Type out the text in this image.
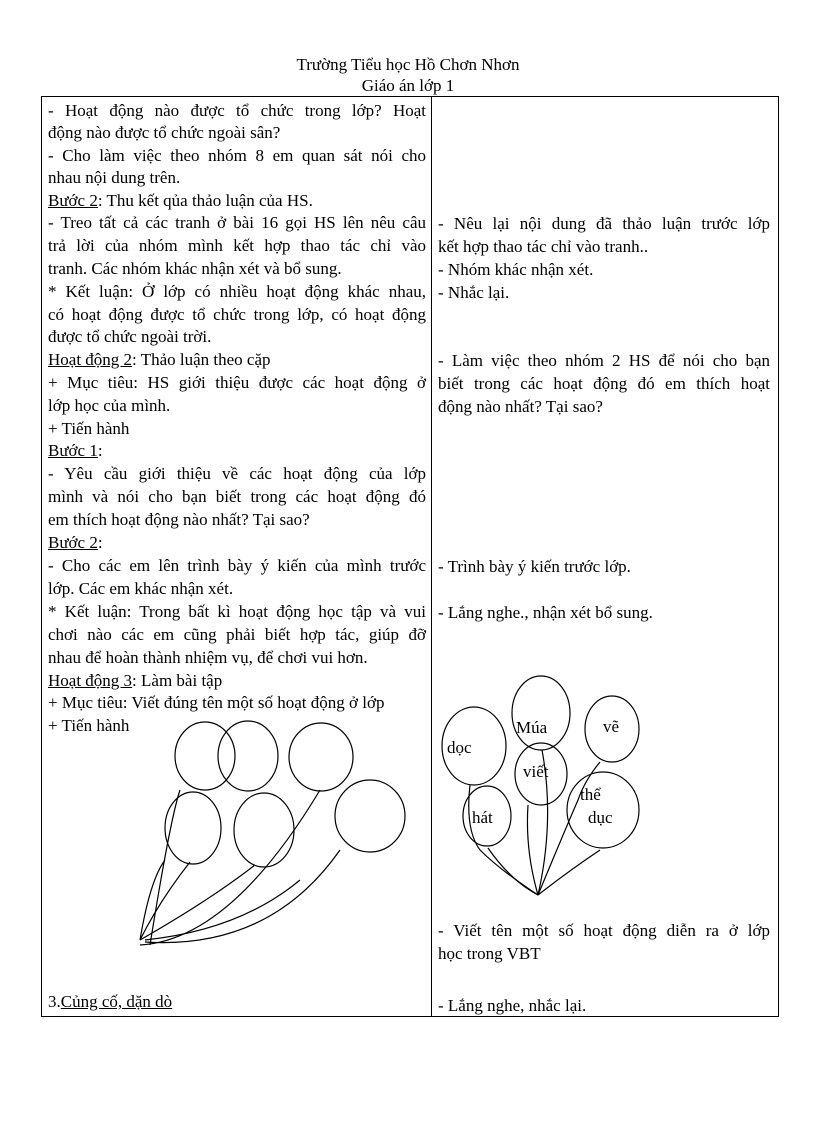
Trường Tiểu học Hồ Chơn Nhơn
Giáo án lớp 1
- Hoạt động nào được tổ chức trong lớp? Hoạt
động nào được tổ chức ngoài sân?
- Cho làm việc theo nhóm 8 em quan sát nói cho
nhau nội dung trên.
Bước 2: Thu kết qủa thảo luận của HS.
- Treo tất cả các tranh ở bài 16 gọi HS lên nêu câu
trả lời của nhóm mình kết hợp thao tác chỉ vào
tranh. Các nhóm khác nhận xét và bổ sung.
* Kết luận: Ở lớp có nhiều hoạt động khác nhau,
có hoạt động được tổ chức trong lớp, có hoạt động
được tổ chức ngoài trời.
Hoạt động 2: Thảo luận theo cặp
+ Mục tiêu: HS giới thiệu được các hoạt động ở
lớp học của mình.
+ Tiến hành
Bước 1:
- Yêu cầu giới thiệu về các hoạt động của lớp
mình và nói cho bạn biết trong các hoạt động đó
em thích hoạt động nào nhất? Tại sao?
Bước 2:
- Cho các em lên trình bày ý kiến của mình trước
lớp. Các em khác nhận xét.
* Kết luận: Trong bất kì hoạt động học tập và vui
chơi nào các em cũng phải biết hợp tác, giúp đỡ
nhau để hoàn thành nhiệm vụ, để chơi vui hơn.
Hoạt động 3: Làm bài tập
+ Mục tiêu: Viết đúng tên một số hoạt động ở lớp
+ Tiến hành
3.Củng cố, dặn dò
- Nêu lại nội dung đã thảo luận trước lớp
kết hợp thao tác chỉ vào tranh..
- Nhóm khác nhận xét.
- Nhắc lại.
- Làm việc theo nhóm 2 HS để nói cho bạn
biết trong các hoạt động đó em thích hoạt
động nào nhất? Tại sao?
- Trình bày ý kiến trước lớp.
- Lắng nghe., nhận xét bổ sung.
- Viết tên một số hoạt động diễn ra ở lớp
học trong VBT
- Lắng nghe, nhắc lại.
dọc
Múa	vẽ
viết
thể
dục
hát
